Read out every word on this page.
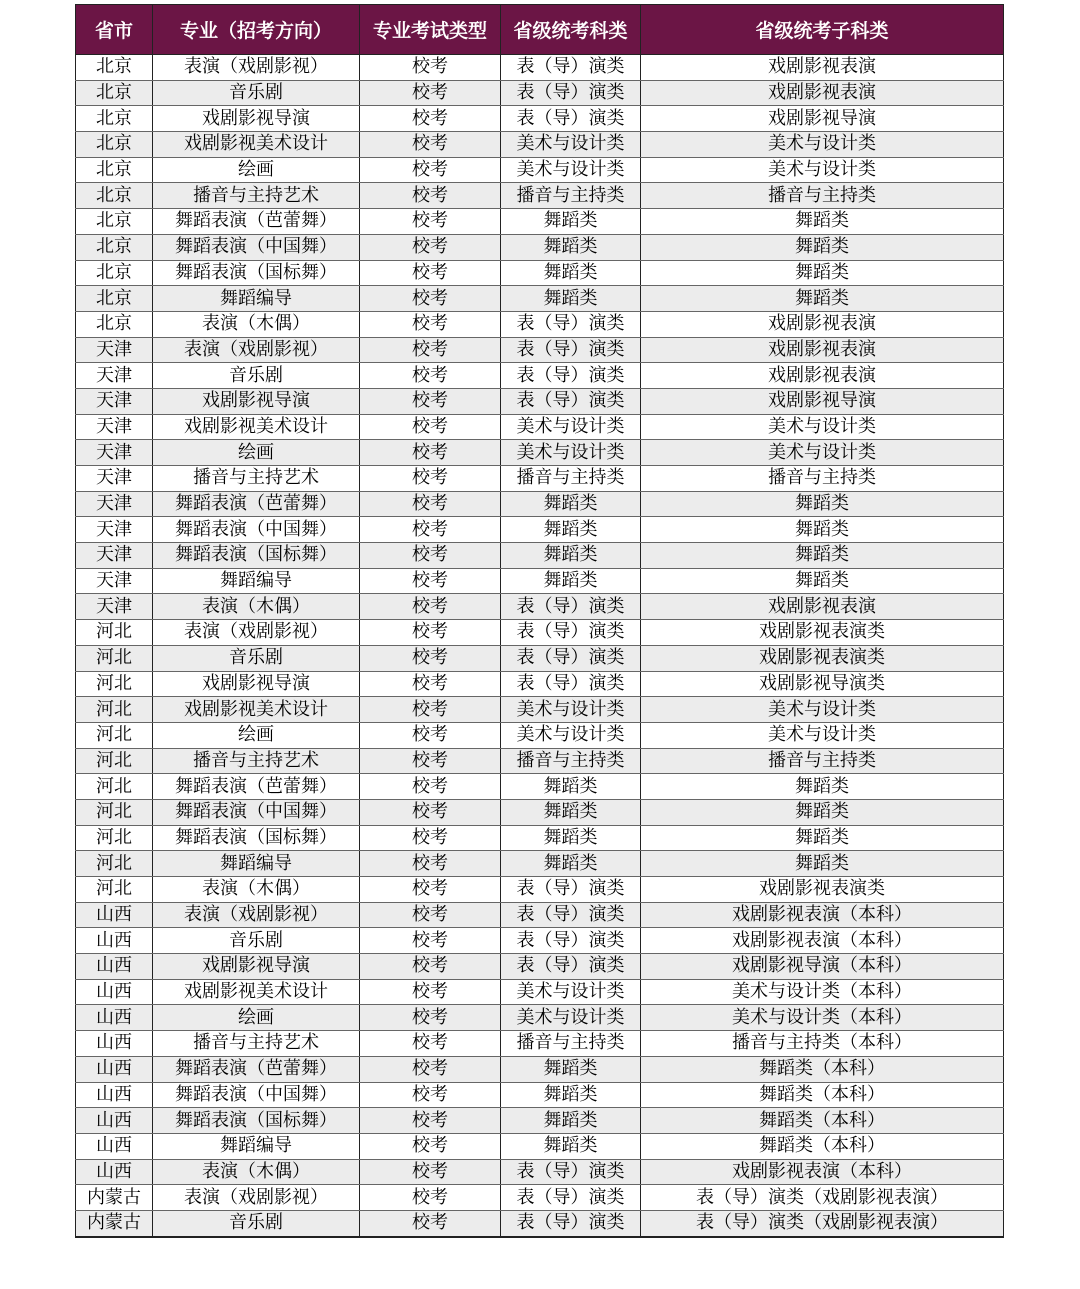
省市	专业（招考方向）	专业考试类型	省级统考科类	省级统考子科类
北京	表演（戏剧影视）	校考	表（导）演类	戏剧影视表演
北京	音乐剧	校考	表（导）演类	戏剧影视表演
北京	戏剧影视导演	校考	表（导）演类	戏剧影视导演
北京	戏剧影视美术设计	校考	美术与设计类	美术与设计类
北京	绘画	校考	美术与设计类	美术与设计类
北京	播音与主持艺术	校考	播音与主持类	播音与主持类
北京	舞蹈表演（芭蕾舞）	校考	舞蹈类	舞蹈类
北京	舞蹈表演（中国舞）	校考	舞蹈类	舞蹈类
北京	舞蹈表演（国标舞）	校考	舞蹈类	舞蹈类
北京	舞蹈编导	校考	舞蹈类	舞蹈类
北京	表演（木偶）	校考	表（导）演类	戏剧影视表演
天津	表演（戏剧影视）	校考	表（导）演类	戏剧影视表演
天津	音乐剧	校考	表（导）演类	戏剧影视表演
天津	戏剧影视导演	校考	表（导）演类	戏剧影视导演
天津	戏剧影视美术设计	校考	美术与设计类	美术与设计类
天津	绘画	校考	美术与设计类	美术与设计类
天津	播音与主持艺术	校考	播音与主持类	播音与主持类
天津	舞蹈表演（芭蕾舞）	校考	舞蹈类	舞蹈类
天津	舞蹈表演（中国舞）	校考	舞蹈类	舞蹈类
天津	舞蹈表演（国标舞）	校考	舞蹈类	舞蹈类
天津	舞蹈编导	校考	舞蹈类	舞蹈类
天津	表演（木偶）	校考	表（导）演类	戏剧影视表演
河北	表演（戏剧影视）	校考	表（导）演类	戏剧影视表演类
河北	音乐剧	校考	表（导）演类	戏剧影视表演类
河北	戏剧影视导演	校考	表（导）演类	戏剧影视导演类
河北	戏剧影视美术设计	校考	美术与设计类	美术与设计类
河北	绘画	校考	美术与设计类	美术与设计类
河北	播音与主持艺术	校考	播音与主持类	播音与主持类
河北	舞蹈表演（芭蕾舞）	校考	舞蹈类	舞蹈类
河北	舞蹈表演（中国舞）	校考	舞蹈类	舞蹈类
河北	舞蹈表演（国标舞）	校考	舞蹈类	舞蹈类
河北	舞蹈编导	校考	舞蹈类	舞蹈类
河北	表演（木偶）	校考	表（导）演类	戏剧影视表演类
山西	表演（戏剧影视）	校考	表（导）演类	戏剧影视表演（本科）
山西	音乐剧	校考	表（导）演类	戏剧影视表演（本科）
山西	戏剧影视导演	校考	表（导）演类	戏剧影视导演（本科）
山西	戏剧影视美术设计	校考	美术与设计类	美术与设计类（本科）
山西	绘画	校考	美术与设计类	美术与设计类（本科）
山西	播音与主持艺术	校考	播音与主持类	播音与主持类（本科）
山西	舞蹈表演（芭蕾舞）	校考	舞蹈类	舞蹈类（本科）
山西	舞蹈表演（中国舞）	校考	舞蹈类	舞蹈类（本科）
山西	舞蹈表演（国标舞）	校考	舞蹈类	舞蹈类（本科）
山西	舞蹈编导	校考	舞蹈类	舞蹈类（本科）
山西	表演（木偶）	校考	表（导）演类	戏剧影视表演（本科）
内蒙古	表演（戏剧影视）	校考	表（导）演类	表（导）演类（戏剧影视表演）
内蒙古	音乐剧	校考	表（导）演类	表（导）演类（戏剧影视表演）
